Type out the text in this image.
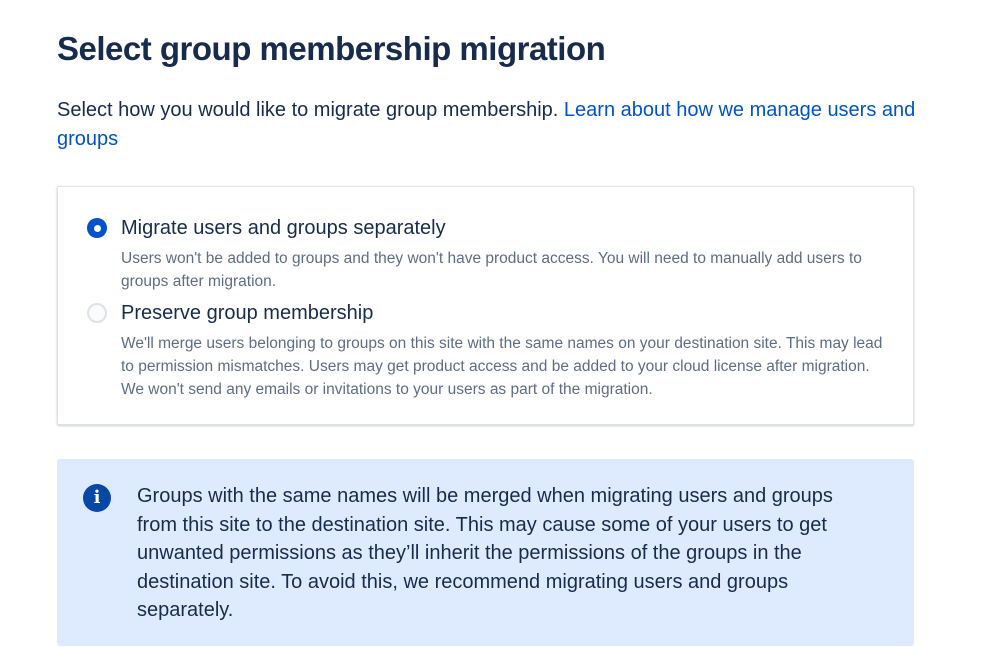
Select group membership migration

Select how you would like to migrate group membership. Learn about how we manage users and groups

Migrate users and groups separately

Users won't be added to groups and they won't have product access. You will need to manually add users to groups after migration.

Preserve group membership

We'll merge users belonging to groups on this site with the same names on your destination site. This may lead to permission mismatches. Users may get product access and be added to your cloud license after migration. We won't send any emails or invitations to your users as part of the migration.

i	Groups with the same names will be merged when migrating users and groups from this site to the destination site. This may cause some of your users to get unwanted permissions as they’ll inherit the permissions of the groups in the destination site. To avoid this, we recommend migrating users and groups separately.
